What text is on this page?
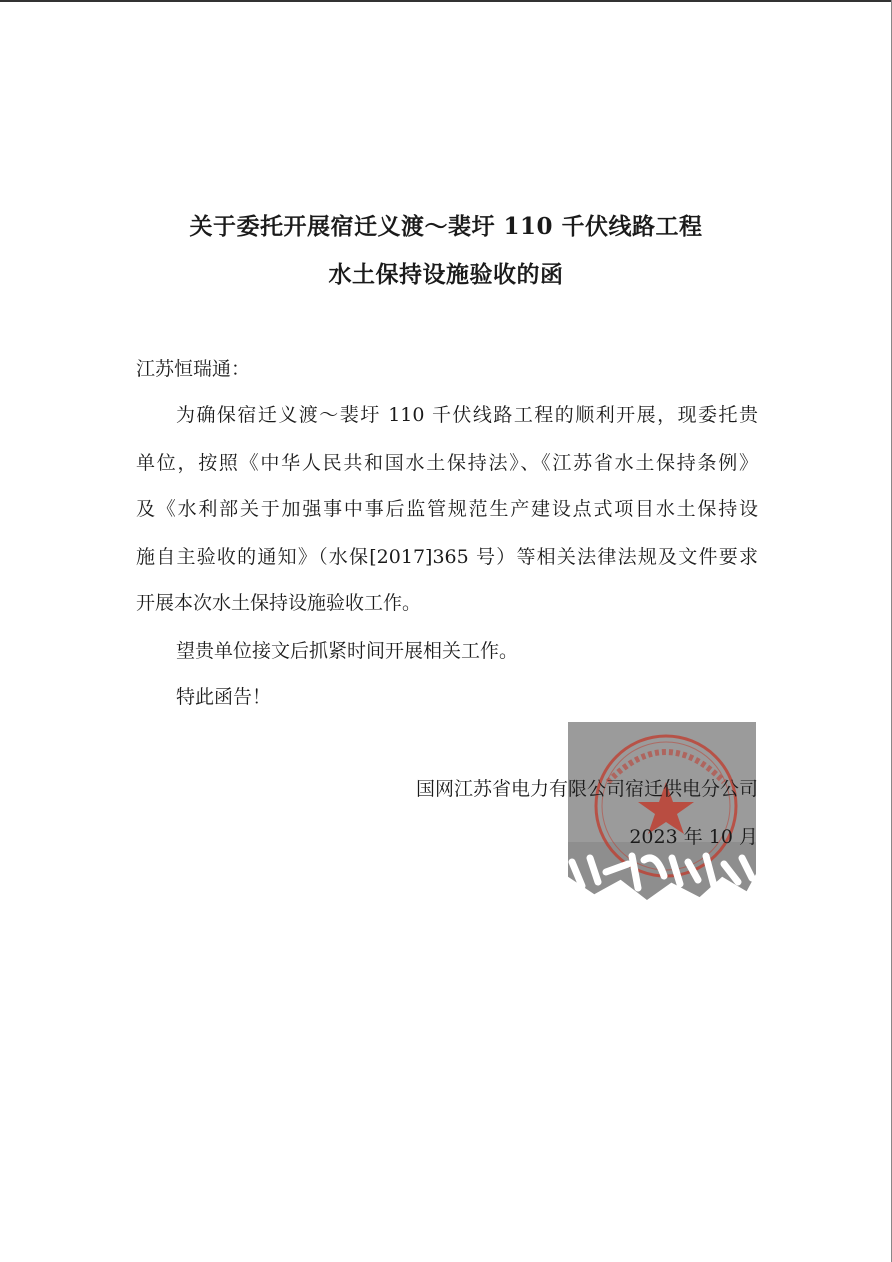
关于委托开展宿迁义渡～裴圩 110 千伏线路工程
水土保持设施验收的函
江苏恒瑞通：
为确保宿迁义渡～裴圩 110 千伏线路工程的顺利开展，现委托贵
单位，按照《中华人民共和国水土保持法》、《江苏省水土保持条例》
及《水利部关于加强事中事后监管规范生产建设点式项目水土保持设
施自主验收的通知》（水保[2017]365 号）等相关法律法规及文件要求
开展本次水土保持设施验收工作。
望贵单位接文后抓紧时间开展相关工作。
特此函告！
国网江苏省电力有限公司宿迁供电分公司
2023 年 10 月
